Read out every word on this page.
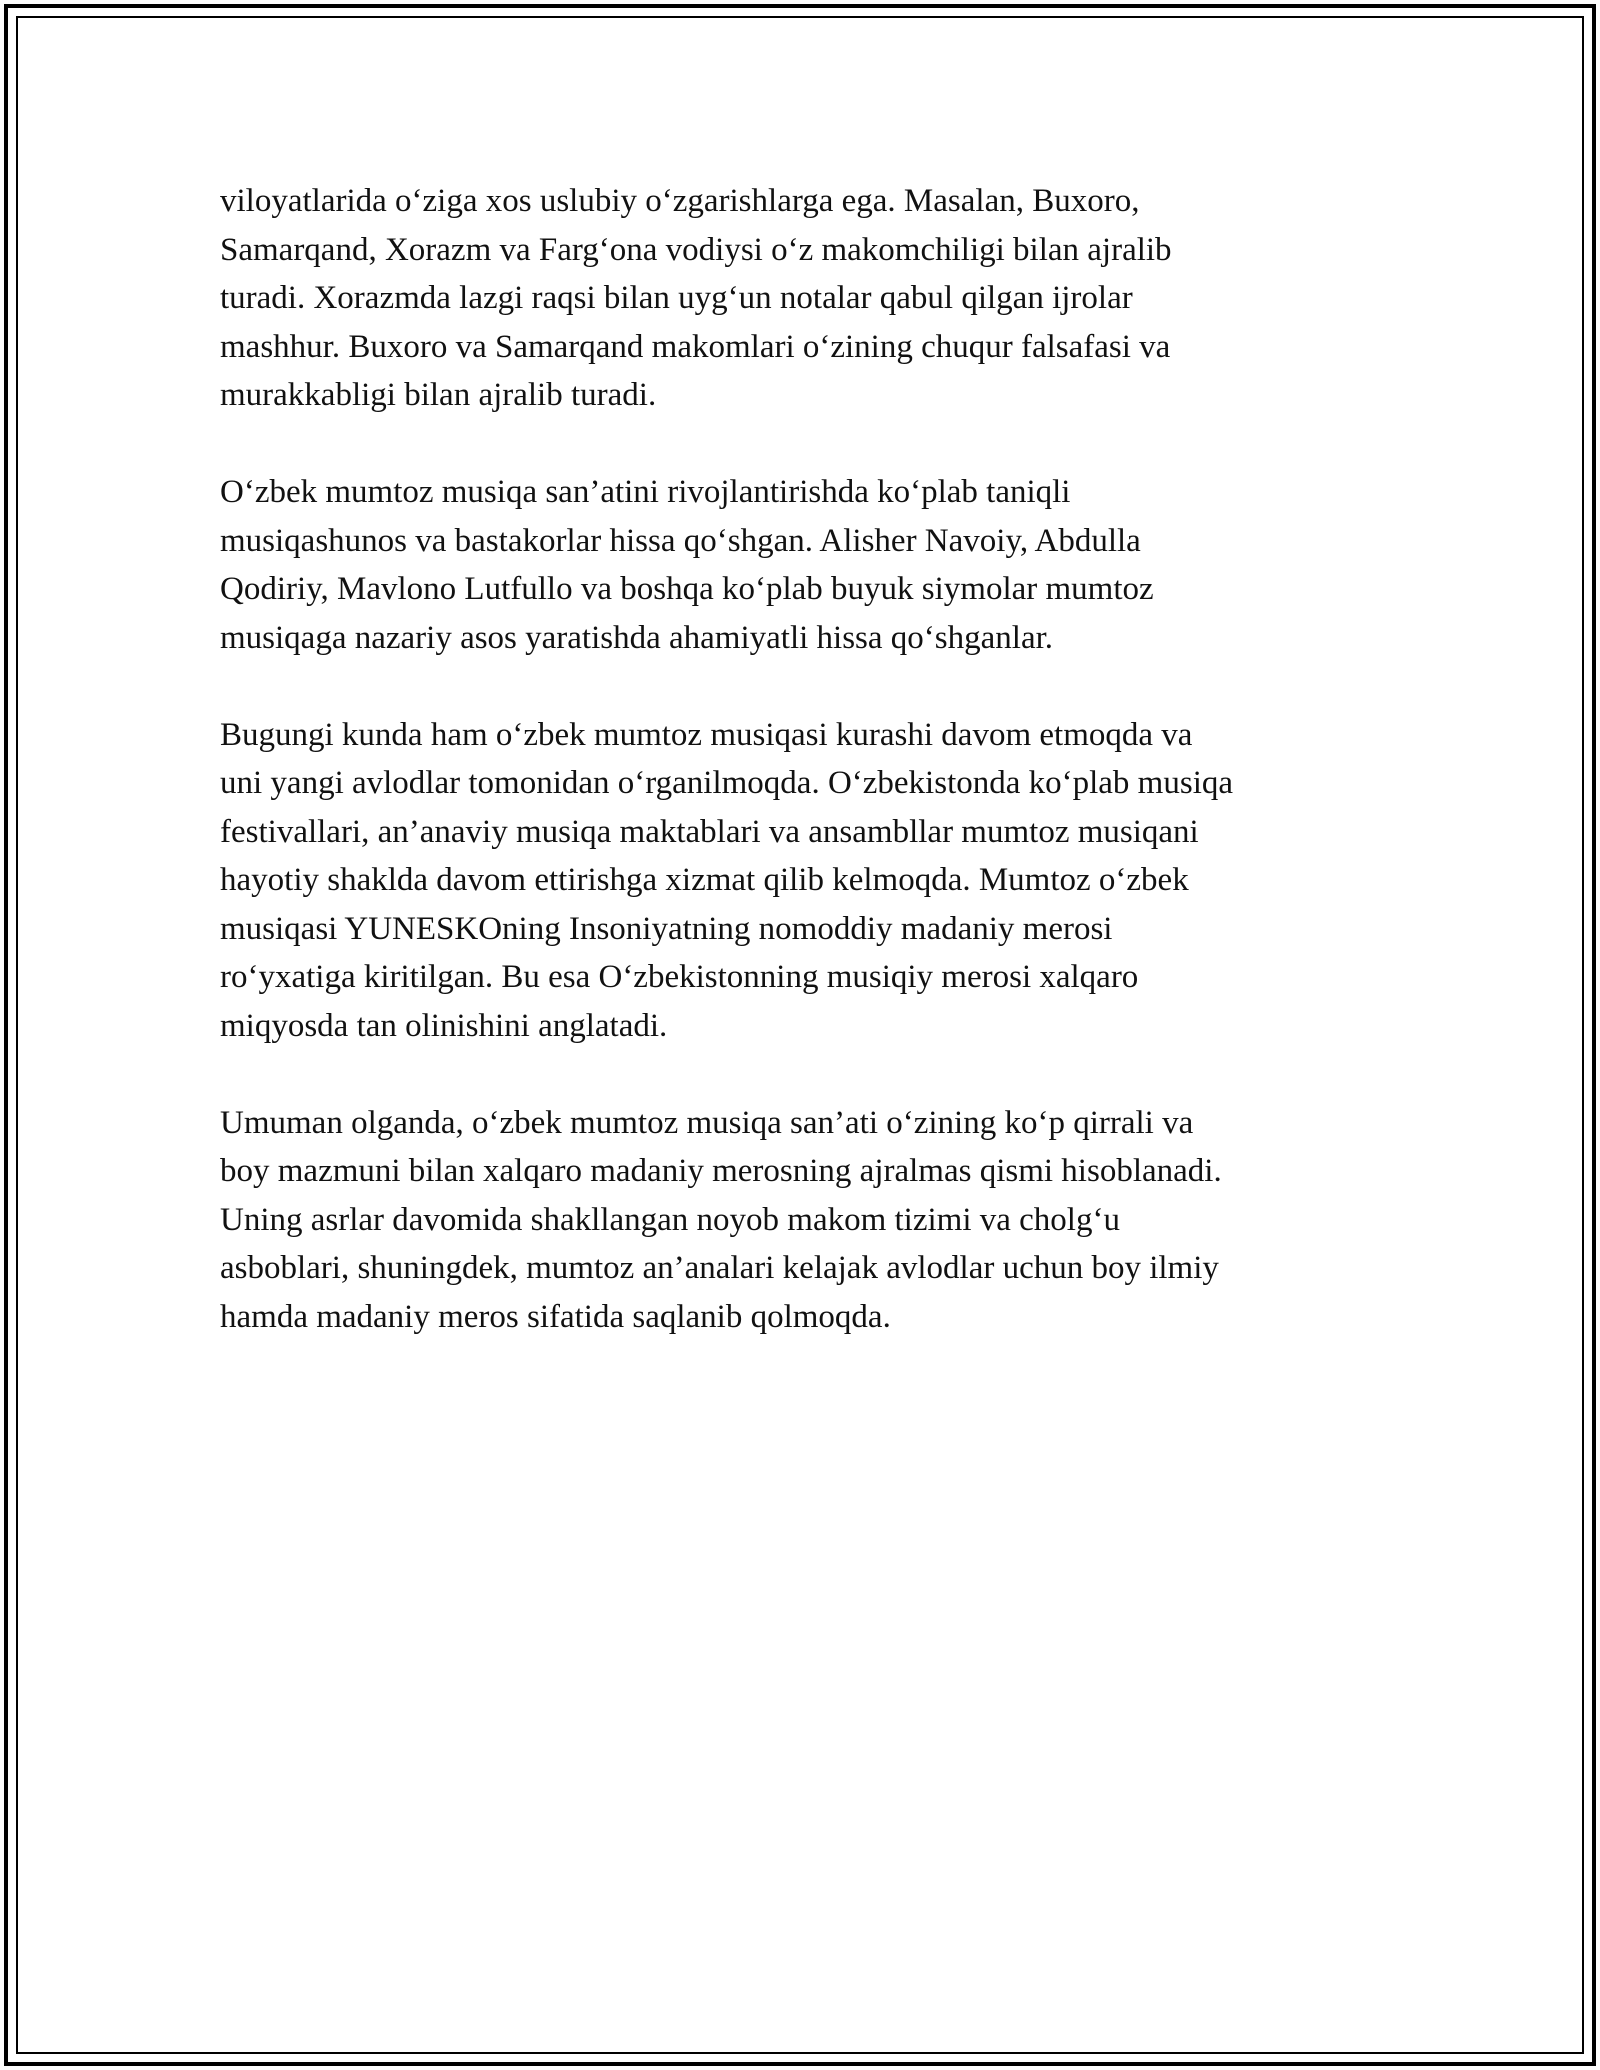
viloyatlarida o‘ziga xos uslubiy o‘zgarishlarga ega. Masalan, Buxoro,
Samarqand, Xorazm va Farg‘ona vodiysi o‘z makomchiligi bilan ajralib
turadi. Xorazmda lazgi raqsi bilan uyg‘un notalar qabul qilgan ijrolar
mashhur. Buxoro va Samarqand makomlari o‘zining chuqur falsafasi va
murakkabligi bilan ajralib turadi.

O‘zbek mumtoz musiqa san’atini rivojlantirishda ko‘plab taniqli
musiqashunos va bastakorlar hissa qo‘shgan. Alisher Navoiy, Abdulla
Qodiriy, Mavlono Lutfullo va boshqa ko‘plab buyuk siymolar mumtoz
musiqaga nazariy asos yaratishda ahamiyatli hissa qo‘shganlar.

Bugungi kunda ham o‘zbek mumtoz musiqasi kurashi davom etmoqda va
uni yangi avlodlar tomonidan o‘rganilmoqda. O‘zbekistonda ko‘plab musiqa
festivallari, an’anaviy musiqa maktablari va ansambllar mumtoz musiqani
hayotiy shaklda davom ettirishga xizmat qilib kelmoqda. Mumtoz o‘zbek
musiqasi YUNESKOning Insoniyatning nomoddiy madaniy merosi
ro‘yxatiga kiritilgan. Bu esa O‘zbekistonning musiqiy merosi xalqaro
miqyosda tan olinishini anglatadi.

Umuman olganda, o‘zbek mumtoz musiqa san’ati o‘zining ko‘p qirrali va
boy mazmuni bilan xalqaro madaniy merosning ajralmas qismi hisoblanadi.
Uning asrlar davomida shakllangan noyob makom tizimi va cholg‘u
asboblari, shuningdek, mumtoz an’analari kelajak avlodlar uchun boy ilmiy
hamda madaniy meros sifatida saqlanib qolmoqda.
